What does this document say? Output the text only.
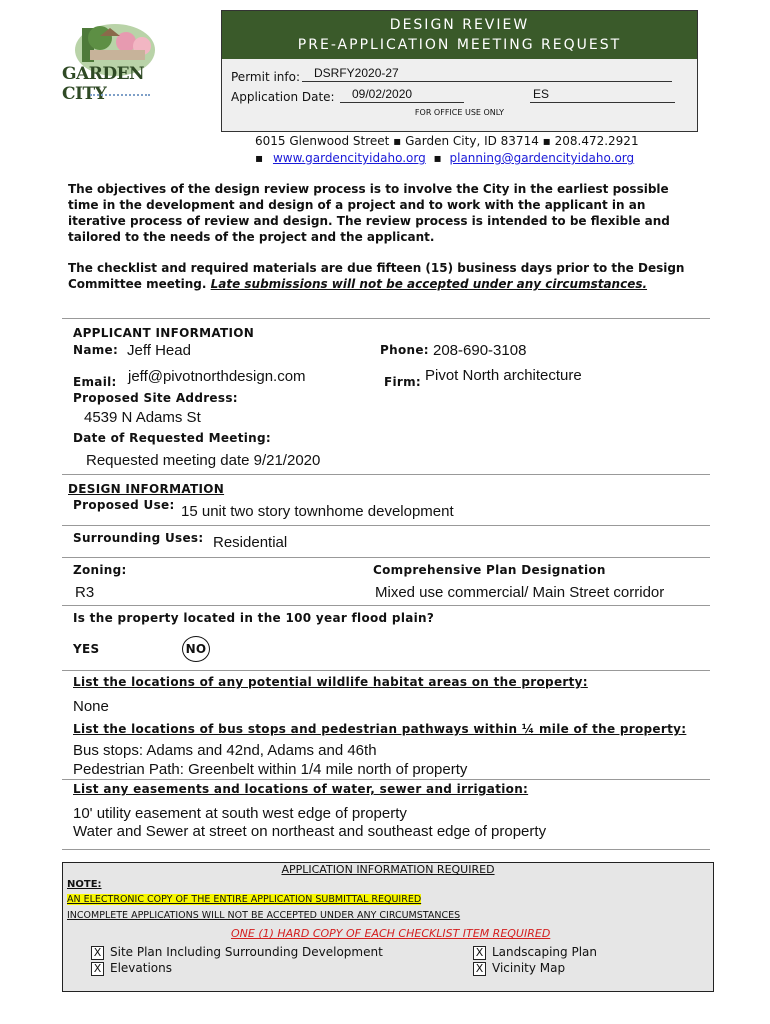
GARDEN CITY
DESIGN REVIEW
PRE-APPLICATION MEETING REQUEST
Permit info: DSRFY2020-27
Application Date: 09/02/2020	ES
FOR OFFICE USE ONLY
6015 Glenwood Street ▪ Garden City, ID 83714 ▪ 208.472.2921
▪ www.gardencityidaho.org ▪ planning@gardencityidaho.org
The objectives of the design review process is to involve the City in the earliest possible time in the development and design of a project and to work with the applicant in an iterative process of review and design. The review process is intended to be flexible and tailored to the needs of the project and the applicant.
The checklist and required materials are due fifteen (15) business days prior to the Design Committee meeting. Late submissions will not be accepted under any circumstances.
APPLICANT INFORMATION
Name: Jeff Head	Phone: 208-690-3108
Email: jeff@pivotnorthdesign.com	Firm: Pivot North architecture
Proposed Site Address:
4539 N Adams St
Date of Requested Meeting:
Requested meeting date 9/21/2020
DESIGN INFORMATION
Proposed Use: 15 unit two story townhome development
Surrounding Uses: Residential
Zoning:	Comprehensive Plan Designation
R3	Mixed use commercial/ Main Street corridor
Is the property located in the 100 year flood plain?
YES	NO
List the locations of any potential wildlife habitat areas on the property:
None
List the locations of bus stops and pedestrian pathways within ¼ mile of the property:
Bus stops: Adams and 42nd, Adams and 46th
Pedestrian Path: Greenbelt within 1/4 mile north of property
List any easements and locations of water, sewer and irrigation:
10' utility easement at south west edge of property
Water and Sewer at street on northeast and southeast edge of property
APPLICATION INFORMATION REQUIRED
NOTE:
AN ELECTRONIC COPY OF THE ENTIRE APPLICATION SUBMITTAL REQUIRED
INCOMPLETE APPLICATIONS WILL NOT BE ACCEPTED UNDER ANY CIRCUMSTANCES
ONE (1) HARD COPY OF EACH CHECKLIST ITEM REQUIRED
X Site Plan Including Surrounding Development
X Elevations
X Landscaping Plan
X Vicinity Map
